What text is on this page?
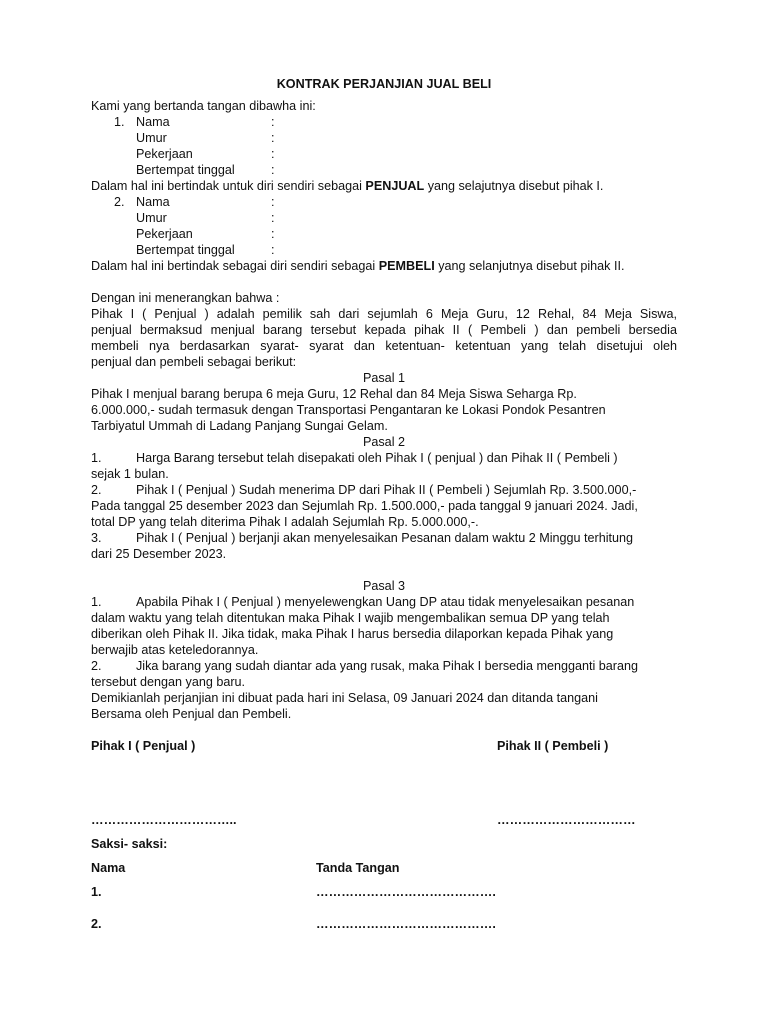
KONTRAK PERJANJIAN JUAL BELI
Kami yang bertanda tangan dibawha ini:
1. Nama	:
Umur	:
Pekerjaan	:
Bertempat tinggal	:
Dalam hal ini bertindak untuk diri sendiri sebagai PENJUAL yang selajutnya disebut pihak I.
2. Nama	:
Umur	:
Pekerjaan	:
Bertempat tinggal	:
Dalam hal ini bertindak sebagai diri sendiri sebagai PEMBELI yang selanjutnya disebut pihak II.
Dengan ini menerangkan bahwa :
Pihak I ( Penjual ) adalah pemilik sah dari sejumlah 6 Meja Guru, 12 Rehal, 84 Meja Siswa,
penjual bermaksud menjual barang tersebut kepada pihak II ( Pembeli ) dan pembeli bersedia
membeli nya berdasarkan syarat- syarat dan ketentuan- ketentuan yang telah disetujui oleh
penjual dan pembeli sebagai berikut:
Pasal 1
Pihak I menjual barang berupa 6 meja Guru, 12 Rehal dan 84 Meja Siswa Seharga Rp.
6.000.000,- sudah termasuk dengan Transportasi Pengantaran ke Lokasi Pondok Pesantren
Tarbiyatul Ummah di Ladang Panjang Sungai Gelam.
Pasal 2
1.	Harga Barang tersebut telah disepakati oleh Pihak I ( penjual ) dan Pihak II ( Pembeli )
sejak 1 bulan.
2.	Pihak I ( Penjual ) Sudah menerima DP dari Pihak II ( Pembeli ) Sejumlah Rp. 3.500.000,-
Pada tanggal 25 desember 2023 dan Sejumlah Rp. 1.500.000,- pada tanggal 9 januari 2024. Jadi,
total DP yang telah diterima Pihak I adalah Sejumlah Rp. 5.000.000,-.
3.	Pihak I ( Penjual ) berjanji akan menyelesaikan Pesanan dalam waktu 2 Minggu terhitung
dari 25 Desember 2023.
Pasal 3
1.	Apabila Pihak I ( Penjual ) menyelewengkan Uang DP atau tidak menyelesaikan pesanan
dalam waktu yang telah ditentukan maka Pihak I wajib mengembalikan semua DP yang telah
diberikan oleh Pihak II. Jika tidak, maka Pihak I harus bersedia dilaporkan kepada Pihak yang
berwajib atas keteledorannya.
2.	Jika barang yang sudah diantar ada yang rusak, maka Pihak I bersedia mengganti barang
tersebut dengan yang baru.
Demikianlah perjanjian ini dibuat pada hari ini Selasa, 09 Januari 2024 dan ditanda tangani
Bersama oleh Penjual dan Pembeli.
Pihak I ( Penjual )	Pihak II ( Pembeli )
……………………………..	……………………………
Saksi- saksi:
Nama	Tanda Tangan
1.	…………………………………….
2.	…………………………………….
